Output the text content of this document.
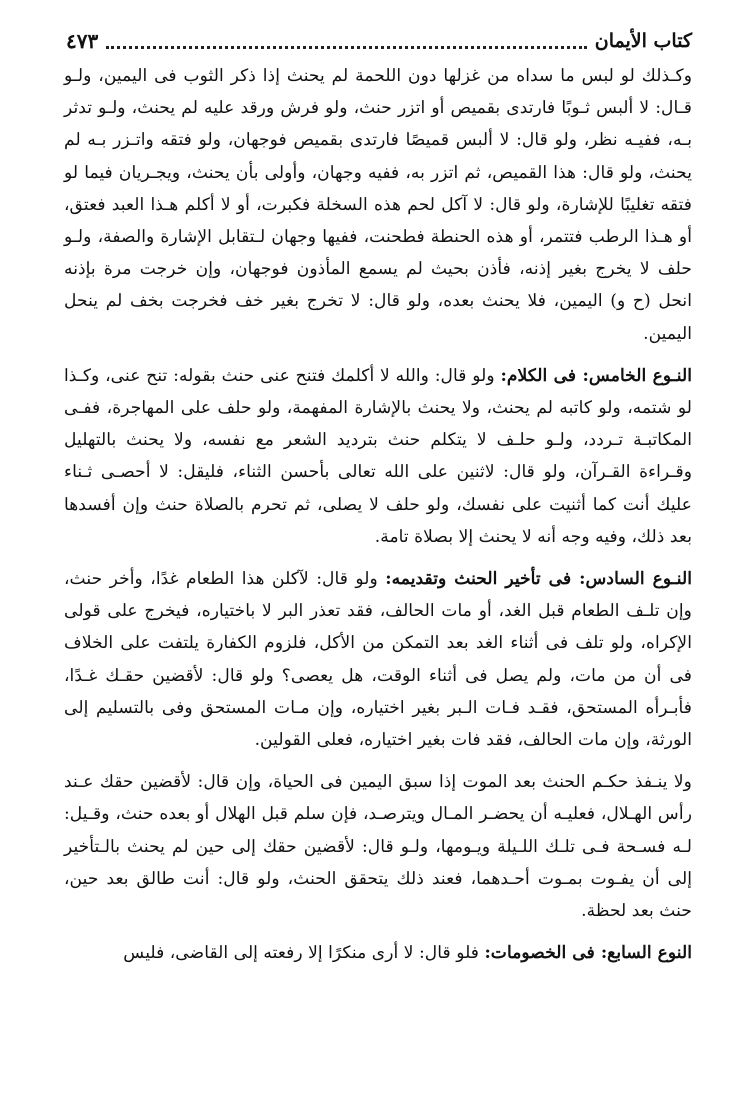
كتاب الأيمان
٤٧٣

وكـذلك لو لبس ما سداه من غزلها دون اللحمة لم يحنث إذا ذكر الثوب فى اليمين، ولـو قـال: لا ألبس ثـوبًا فارتدى بقميص أو اتزر حنث، ولو فرش ورقد عليه لم يحنث، ولـو تدثر بـه، ففيـه نظر، ولو قال: لا ألبس قميصًا فارتدى بقميص فوجهان، ولو فتقه واتـزر بـه لم يحنث، ولو قال: هذا القميص، ثم اتزر به، ففيه وجهان، وأولى بأن يحنث، ويجـريان فيما لو فتقه تغليبًا للإشارة، ولو قال: لا آكل لحم هذه السخلة فكبرت، أو لا أكلم هـذا العبد فعتق، أو هـذا الرطب فتتمر، أو هذه الحنطة فطحنت، ففيها وجهان لـتقابل الإشارة والصفة، ولـو حلف لا يخرج بغير إذنه، فأذن بحيث لم يسمع المأذون فوجهان، وإن خرجت مرة بإذنه انحل (ح و) اليمين، فلا يحنث بعده، ولو قال: لا تخرج بغير خف فخرجت بخف لم ينحل اليمين.

النـوع الخامس: فى الكلام: ولو قال: والله لا أكلمك فتنح عنى حنث بقوله: تنح عنى، وكـذا لو شتمه، ولو كاتبه لم يحنث، ولا يحنث بالإشارة المفهمة، ولو حلف على المهاجرة، ففـى المكاتبـة تـردد، ولـو حلـف لا يتكلم حنث بترديد الشعر مع نفسه، ولا يحنث بالتهليل وقـراءة القـرآن، ولو قال: لاثنين على الله تعالى بأحسن الثناء، فليقل: لا أحصـى ثـناء عليك أنت كما أثنيت على نفسك، ولو حلف لا يصلى، ثم تحرم بالصلاة حنث وإن أفسدها بعد ذلك، وفيه وجه أنه لا يحنث إلا بصلاة تامة.

النـوع السادس: فى تأخير الحنث وتقديمه: ولو قال: لآكلن هذا الطعام غدًا، وأخر حنث، وإن تلـف الطعام قبل الغد، أو مات الحالف، فقد تعذر البر لا باختياره، فيخرج على قولى الإكراه، ولو تلف فى أثناء الغد بعد التمكن من الأكل، فلزوم الكفارة يلتفت على الخلاف فى أن من مات، ولم يصل فى أثناء الوقت، هل يعصى؟ ولو قال: لأقضين حقـك غـدًا، فأبـرأه المستحق، فقـد فـات الـبر بغير اختياره، وإن مـات المستحق وفى بالتسليم إلى الورثة، وإن مات الحالف، فقد فات بغير اختياره، فعلى القولين.

ولا ينـفذ حكـم الحنث بعد الموت إذا سبق اليمين فى الحياة، وإن قال: لأقضين حقك عـند رأس الهـلال، فعليـه أن يحضـر المـال ويترصـد، فإن سلم قبل الهلال أو بعده حنث، وقـيل: لـه فسـحة فـى تلـك اللـيلة ويـومها، ولـو قال: لأقضين حقك إلى حين لم يحنث بالـتأخير إلى أن يفـوت بمـوت أحـدهما، فعند ذلك يتحقق الحنث، ولو قال: أنت طالق بعد حين، حنث بعد لحظة.

النوع السابع: فى الخصومات: فلو قال: لا أرى منكرًا إلا رفعته إلى القاضى، فليس
